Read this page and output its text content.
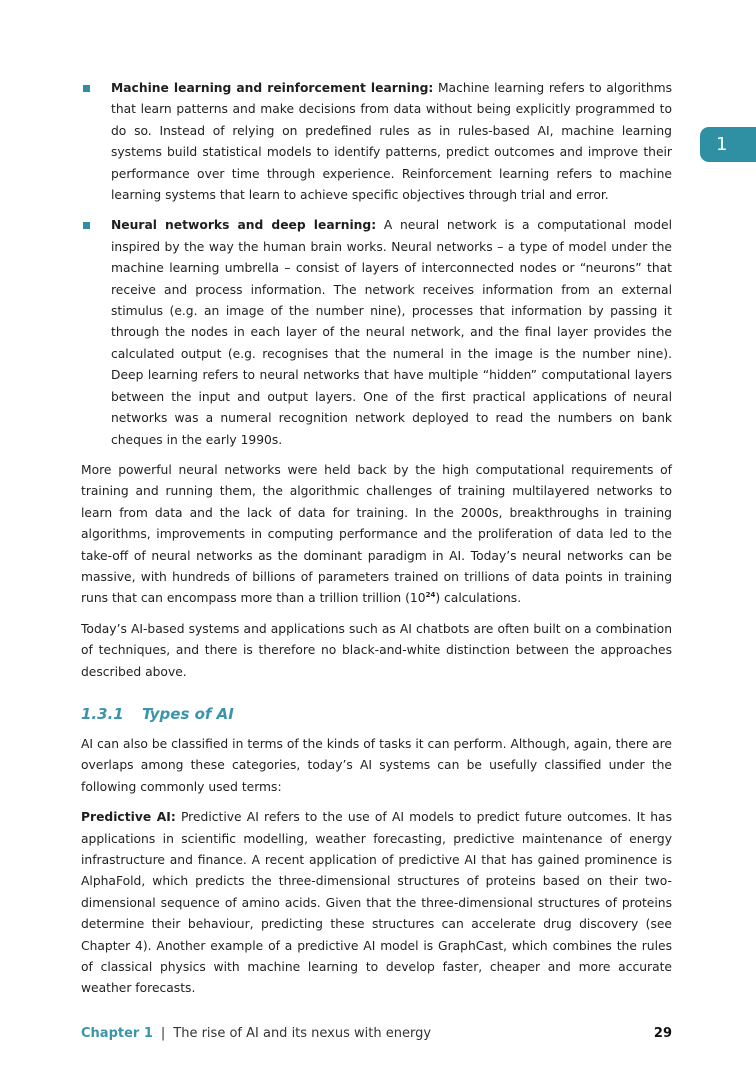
1
Machine learning and reinforcement learning: Machine learning refers to algorithms that learn patterns and make decisions from data without being explicitly programmed to do so. Instead of relying on predefined rules as in rules-based AI, machine learning systems build statistical models to identify patterns, predict outcomes and improve their performance over time through experience. Reinforcement learning refers to machine learning systems that learn to achieve specific objectives through trial and error.
Neural networks and deep learning: A neural network is a computational model inspired by the way the human brain works. Neural networks – a type of model under the machine learning umbrella – consist of layers of interconnected nodes or “neurons” that receive and process information. The network receives information from an external stimulus (e.g. an image of the number nine), processes that information by passing it through the nodes in each layer of the neural network, and the final layer provides the calculated output (e.g. recognises that the numeral in the image is the number nine). Deep learning refers to neural networks that have multiple “hidden” computational layers between the input and output layers. One of the first practical applications of neural networks was a numeral recognition network deployed to read the numbers on bank cheques in the early 1990s.

More powerful neural networks were held back by the high computational requirements of training and running them, the algorithmic challenges of training multilayered networks to learn from data and the lack of data for training. In the 2000s, breakthroughs in training algorithms, improvements in computing performance and the proliferation of data led to the take-off of neural networks as the dominant paradigm in AI. Today’s neural networks can be massive, with hundreds of billions of parameters trained on trillions of data points in training runs that can encompass more than a trillion trillion $(10^{24})$ calculations.

Today’s AI-based systems and applications such as AI chatbots are often built on a combination of techniques, and there is therefore no black-and-white distinction between the approaches described above.

1.3.1 Types of AI

AI can also be classified in terms of the kinds of tasks it can perform. Although, again, there are overlaps among these categories, today’s AI systems can be usefully classified under the following commonly used terms:

Predictive AI: Predictive AI refers to the use of AI models to predict future outcomes. It has applications in scientific modelling, weather forecasting, predictive maintenance of energy infrastructure and finance. A recent application of predictive AI that has gained prominence is AlphaFold, which predicts the three-dimensional structures of proteins based on their two-dimensional sequence of amino acids. Given that the three-dimensional structures of proteins determine their behaviour, predicting these structures can accelerate drug discovery (see Chapter 4). Another example of a predictive AI model is GraphCast, which combines the rules of classical physics with machine learning to develop faster, cheaper and more accurate weather forecasts.

Chapter 1 | The rise of AI and its nexus with energy	29
